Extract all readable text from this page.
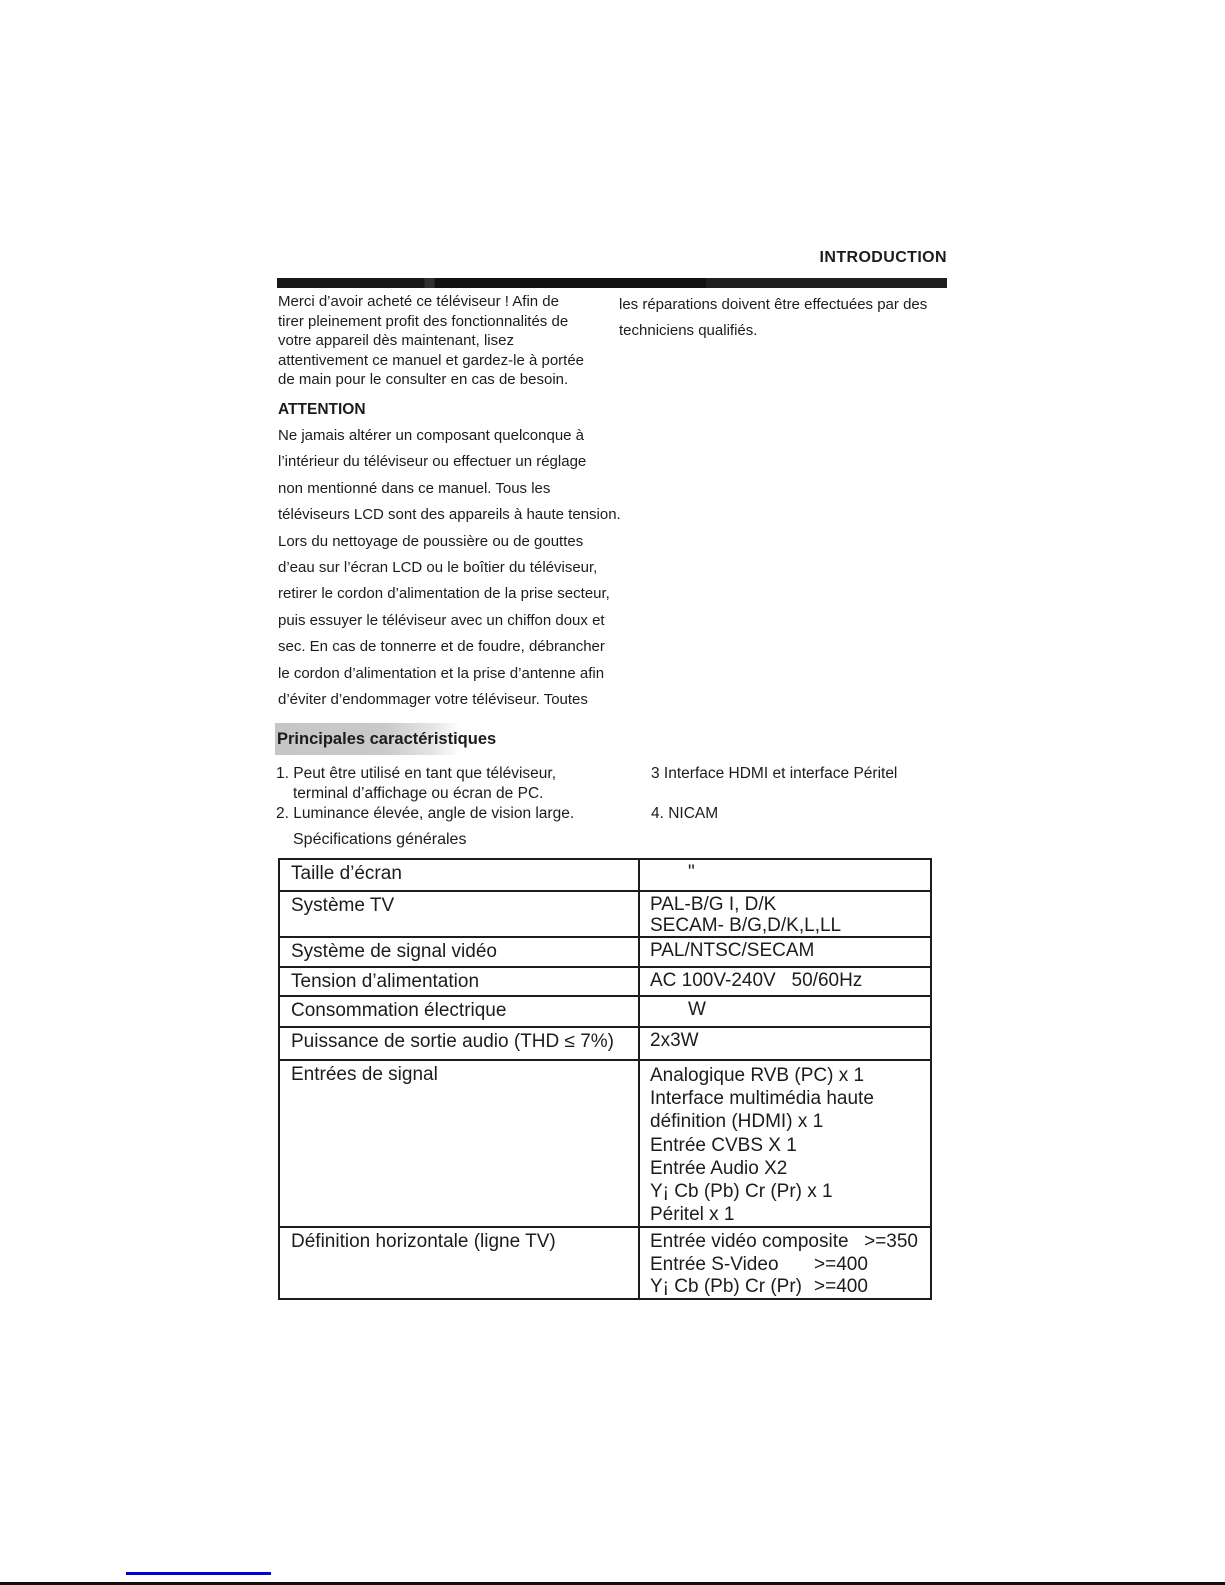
INTRODUCTION
Merci d’avoir acheté ce téléviseur ! Afin de
tirer pleinement profit des fonctionnalités de
votre appareil dès maintenant, lisez
attentivement ce manuel et gardez-le à portée
de main pour le consulter en cas de besoin.
les réparations doivent être effectuées par des
techniciens qualifiés.
ATTENTION
Ne jamais altérer un composant quelconque à
l’intérieur du téléviseur ou effectuer un réglage
non mentionné dans ce manuel. Tous les
téléviseurs LCD sont des appareils à haute tension.
Lors du nettoyage de poussière ou de gouttes
d’eau sur l’écran LCD ou le boîtier du téléviseur,
retirer le cordon d’alimentation de la prise secteur,
puis essuyer le téléviseur avec un chiffon doux et
sec. En cas de tonnerre et de foudre, débrancher
le cordon d’alimentation et la prise d’antenne afin
d’éviter d’endommager votre téléviseur. Toutes
Principales caractéristiques
1. Peut être utilisé en tant que téléviseur,
terminal d’affichage ou écran de PC.
2. Luminance élevée, angle de vision large.
3 Interface HDMI et interface Péritel
4. NICAM
Spécifications générales
Taille d’écran	"

Système TV	PAL-B/G I, D/K
SECAM- B/G,D/K,L,LL

Système de signal vidéo	PAL/NTSC/SECAM

Tension d’alimentation	AC 100V-240V   50/60Hz

Consommation électrique	W

Puissance de sortie audio (THD ≤ 7%)	2x3W

Entrées de signal	Analogique RVB (PC) x 1
Interface multimédia haute
définition (HDMI) x 1
Entrée CVBS X 1
Entrée Audio X2
Y¡ Cb (Pb) Cr (Pr) x 1
Péritel x 1

Définition horizontale (ligne TV)	Entrée vidéo composite >=350
Entrée S-Video	>=400
Y¡ Cb (Pb) Cr (Pr) >=400
